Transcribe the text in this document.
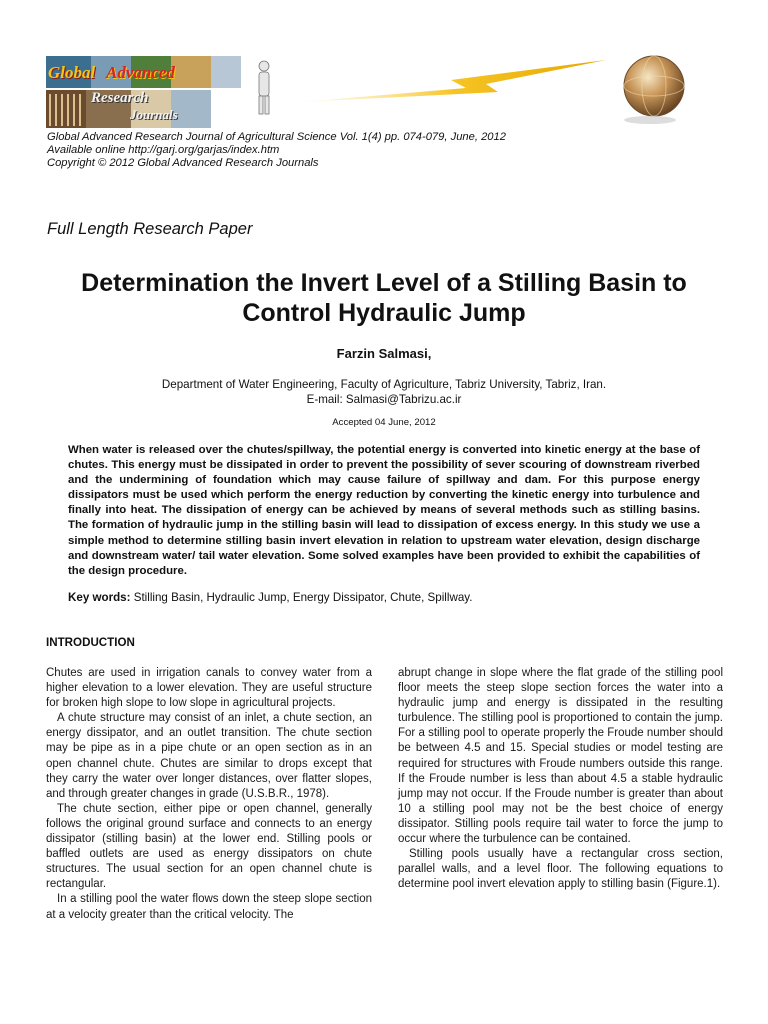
Global Advanced
Research
Journals
Global Advanced Research Journal of Agricultural Science Vol. 1(4) pp. 074-079, June, 2012
Available online http://garj.org/garjas/index.htm
Copyright © 2012 Global Advanced Research Journals
Full Length Research Paper
Determination the Invert Level of a Stilling Basin to Control Hydraulic Jump
Farzin Salmasi,
Department of Water Engineering, Faculty of Agriculture, Tabriz University, Tabriz, Iran.
E-mail: Salmasi@Tabrizu.ac.ir
Accepted 04 June, 2012

When water is released over the chutes/spillway, the potential energy is converted into kinetic energy at the base of chutes. This energy must be dissipated in order to prevent the possibility of sever scouring of downstream riverbed and the undermining of foundation which may cause failure of spillway and dam. For this purpose energy dissipators must be used which perform the energy reduction by converting the kinetic energy into turbulence and finally into heat. The dissipation of energy can be achieved by means of several methods such as stilling basins. The formation of hydraulic jump in the stilling basin will lead to dissipation of excess energy. In this study we use a simple method to determine stilling basin invert elevation in relation to upstream water elevation, design discharge and downstream water/ tail water elevation. Some solved examples have been provided to exhibit the capabilities of the design procedure.

Key words: Stilling Basin, Hydraulic Jump, Energy Dissipator, Chute, Spillway.
INTRODUCTION

Chutes are used in irrigation canals to convey water from a higher elevation to a lower elevation. They are useful structure for broken high slope to low slope in agricultural projects.

A chute structure may consist of an inlet, a chute section, an energy dissipator, and an outlet transition. The chute section may be pipe as in a pipe chute or an open section as in an open channel chute. Chutes are similar to drops except that they carry the water over longer distances, over flatter slopes, and through greater changes in grade (U.S.B.R., 1978).

The chute section, either pipe or open channel, generally follows the original ground surface and connects to an energy dissipator (stilling basin) at the lower end. Stilling pools or baffled outlets are used as energy dissipators on chute structures. The usual section for an open channel chute is rectangular.

In a stilling pool the water flows down the steep slope section at a velocity greater than the critical velocity. The

abrupt change in slope where the flat grade of the stilling pool floor meets the steep slope section forces the water into a hydraulic jump and energy is dissipated in the resulting turbulence. The stilling pool is proportioned to contain the jump. For a stilling pool to operate properly the Froude number should be between 4.5 and 15. Special studies or model testing are required for structures with Froude numbers outside this range. If the Froude number is less than about 4.5 a stable hydraulic jump may not occur. If the Froude number is greater than about 10 a stilling pool may not be the best choice of energy dissipator. Stilling pools require tail water to force the jump to occur where the turbulence can be contained.

Stilling pools usually have a rectangular cross section, parallel walls, and a level floor. The following equations to determine pool invert elevation apply to stilling basin (Figure.1).
